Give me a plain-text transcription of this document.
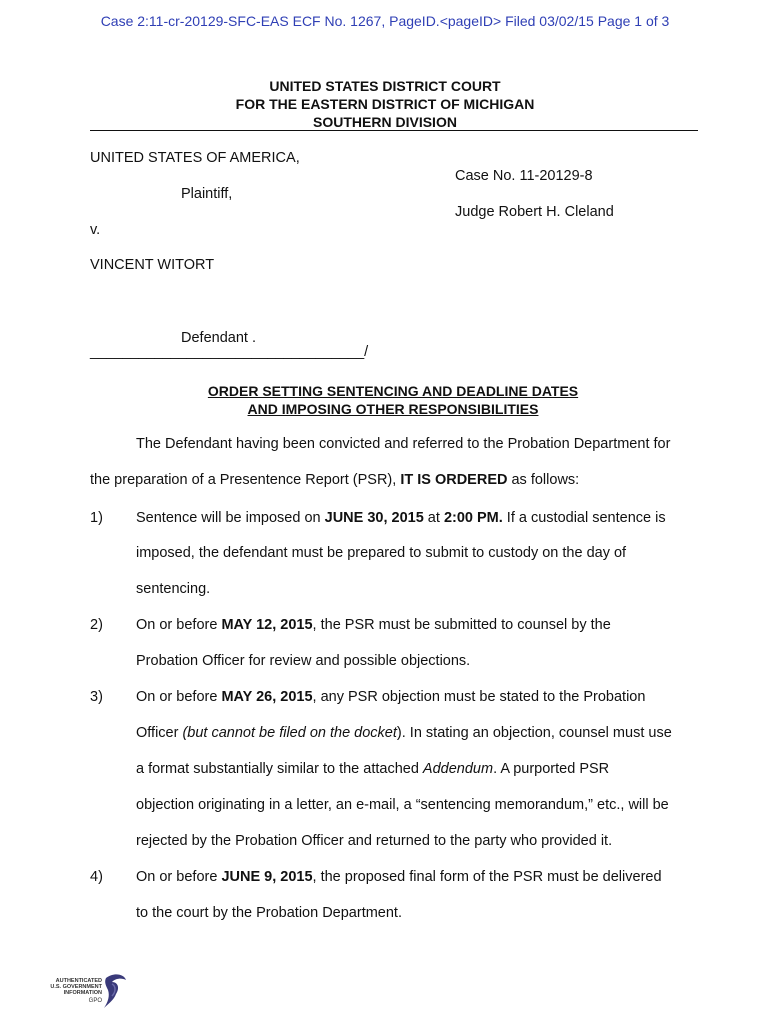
Case 2:11-cr-20129-SFC-EAS ECF No. 1267, PageID.<pageID> Filed 03/02/15 Page 1 of 3
UNITED STATES DISTRICT COURT
FOR THE EASTERN DISTRICT OF MICHIGAN
SOUTHERN DIVISION
UNITED STATES OF AMERICA,
Case No. 11-20129-8
Plaintiff,
Judge Robert H. Cleland
v.
VINCENT WITORT
Defendant .
__________________________________/
ORDER SETTING SENTENCING AND DEADLINE DATES
AND IMPOSING OTHER RESPONSIBILITIES
The Defendant having been convicted and referred to the Probation Department for
the preparation of a Presentence Report (PSR), IT IS ORDERED as follows:
1) Sentence will be imposed on JUNE 30, 2015 at 2:00 PM. If a custodial sentence is
imposed, the defendant must be prepared to submit to custody on the day of
sentencing.
2) On or before MAY 12, 2015, the PSR must be submitted to counsel by the
Probation Officer for review and possible objections.
3) On or before MAY 26, 2015, any PSR objection must be stated to the Probation
Officer (but cannot be filed on the docket). In stating an objection, counsel must use
a format substantially similar to the attached Addendum. A purported PSR
objection originating in a letter, an e-mail, a “sentencing memorandum,” etc., will be
rejected by the Probation Officer and returned to the party who provided it.
4) On or before JUNE 9, 2015, the proposed final form of the PSR must be delivered
to the court by the Probation Department.
AUTHENTICATED
U.S. GOVERNMENT
INFORMATION
GPO
